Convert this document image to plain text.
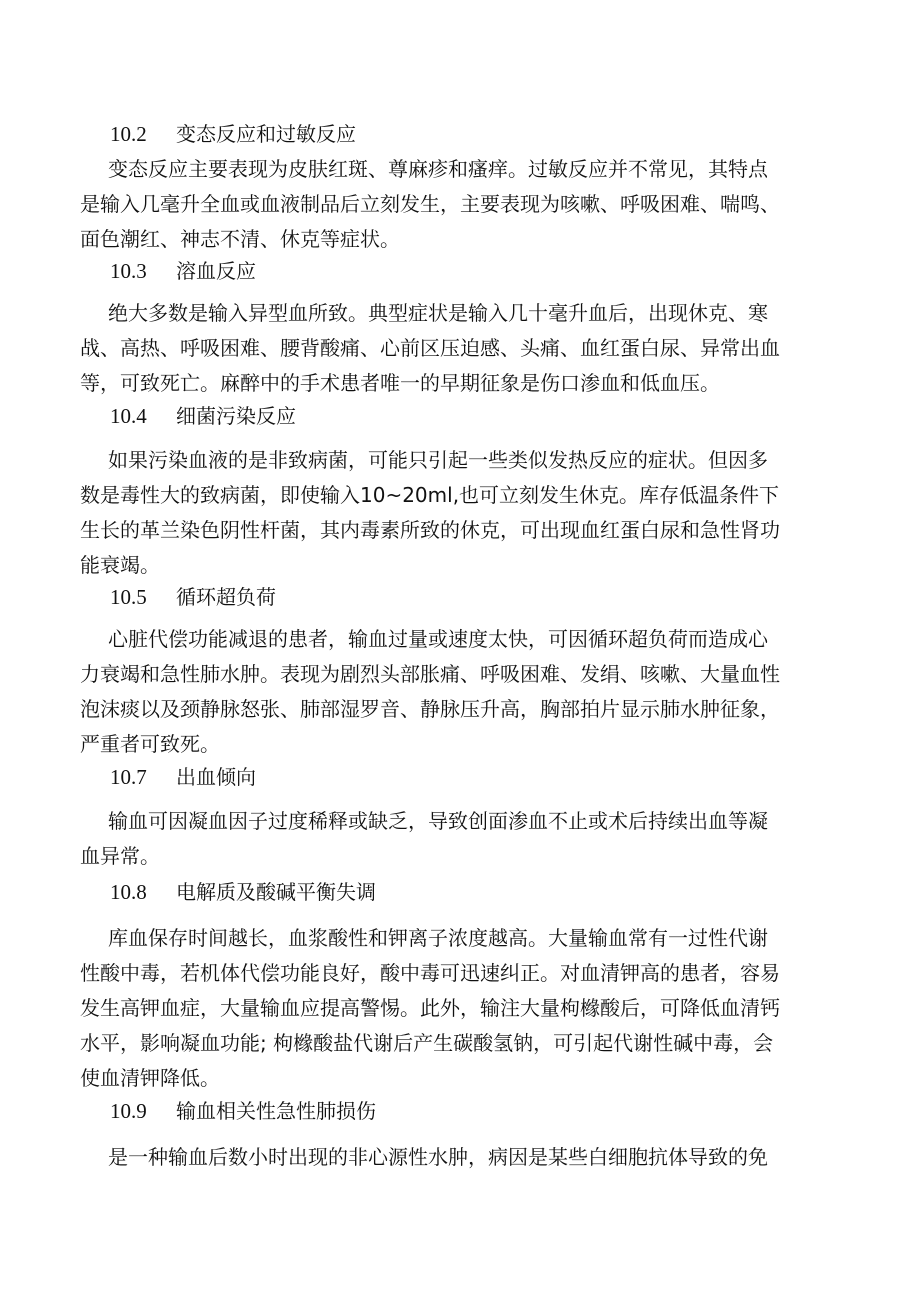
10.2 变态反应和过敏反应
变态反应主要表现为皮肤红斑、尊麻疹和瘙痒。过敏反应并不常见，其特点
是输入几毫升全血或血液制品后立刻发生，主要表现为咳嗽、呼吸困难、喘鸣、
面色潮红、神志不清、休克等症状。
10.3 溶血反应
绝大多数是输入异型血所致。典型症状是输入几十毫升血后，出现休克、寒
战、高热、呼吸困难、腰背酸痛、心前区压迫感、头痛、血红蛋白尿、异常出血
等，可致死亡。麻醉中的手术患者唯一的早期征象是伤口渗血和低血压。
10.4 细菌污染反应
如果污染血液的是非致病菌，可能只引起一些类似发热反应的症状。但因多
数是毒性大的致病菌，即使输入10~20ml,也可立刻发生休克。库存低温条件下
生长的革兰染色阴性杆菌，其内毒素所致的休克，可出现血红蛋白尿和急性肾功
能衰竭。
10.5 循环超负荷
心脏代偿功能减退的患者，输血过量或速度太快，可因循环超负荷而造成心
力衰竭和急性肺水肿。表现为剧烈头部胀痛、呼吸困难、发绢、咳嗽、大量血性
泡沫痰以及颈静脉怒张、肺部湿罗音、静脉压升高，胸部拍片显示肺水肿征象，
严重者可致死。
10.7 出血倾向
输血可因凝血因子过度稀释或缺乏，导致创面渗血不止或术后持续出血等凝
血异常。
10.8 电解质及酸碱平衡失调
库血保存时间越长，血浆酸性和钾离子浓度越高。大量输血常有一过性代谢
性酸中毒，若机体代偿功能良好，酸中毒可迅速纠正。对血清钾高的患者，容易
发生高钾血症，大量输血应提高警惕。此外，输注大量枸橼酸后，可降低血清钙
水平，影响凝血功能; 枸橼酸盐代谢后产生碳酸氢钠，可引起代谢性碱中毒，会
使血清钾降低。
10.9 输血相关性急性肺损伤
是一种输血后数小时出现的非心源性水肿，病因是某些白细胞抗体导致的免
